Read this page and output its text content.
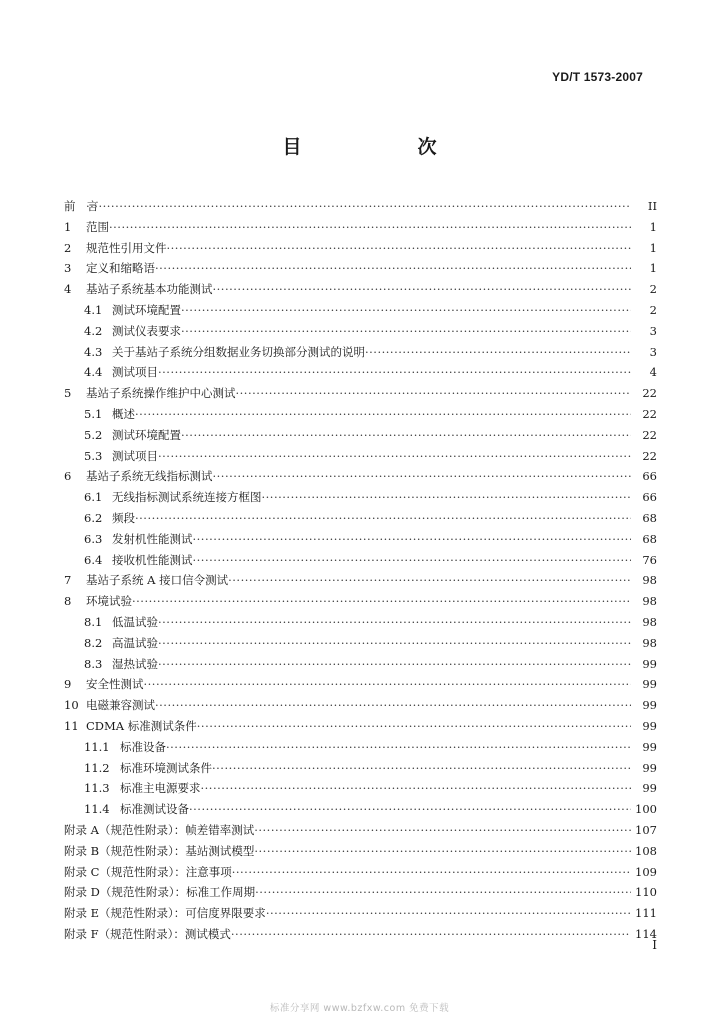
YD/T 1573-2007
目　　次
前　言 ·····	II
1 范围 ·····	1
2 规范性引用文件 ·····	1
3 定义和缩略语 ·····	1
4 基站子系统基本功能测试 ·····	2
4.1 测试环境配置 ·····	2
4.2 测试仪表要求 ·····	3
4.3 关于基站子系统分组数据业务切换部分测试的说明 ·····	3
4.4 测试项目 ·····	4
5 基站子系统操作维护中心测试 ·····	22
5.1 概述 ·····	22
5.2 测试环境配置 ·····	22
5.3 测试项目 ·····	22
6 基站子系统无线指标测试 ·····	66
6.1 无线指标测试系统连接方框图 ·····	66
6.2 频段 ·····	68
6.3 发射机性能测试 ·····	68
6.4 接收机性能测试 ·····	76
7 基站子系统 A 接口信令测试 ·····	98
8 环境试验 ·····	98
8.1 低温试验 ·····	98
8.2 高温试验 ·····	98
8.3 湿热试验 ·····	99
9 安全性测试 ·····	99
10 电磁兼容测试 ·····	99
11 CDMA 标准测试条件 ·····	99
11.1 标准设备 ·····	99
11.2 标准环境测试条件 ·····	99
11.3 标准主电源要求 ·····	99
11.4 标准测试设备 ·····	100
附录 A（规范性附录）：帧差错率测试 ·····	107
附录 B（规范性附录）：基站测试模型 ·····	108
附录 C（规范性附录）：注意事项 ·····	109
附录 D（规范性附录）：标准工作周期 ·····	110
附录 E（规范性附录）：可信度界限要求 ·····	111
附录 F（规范性附录）：测试模式 ·····	114
I
标准分享网 www.bzfxw.com 免费下载
